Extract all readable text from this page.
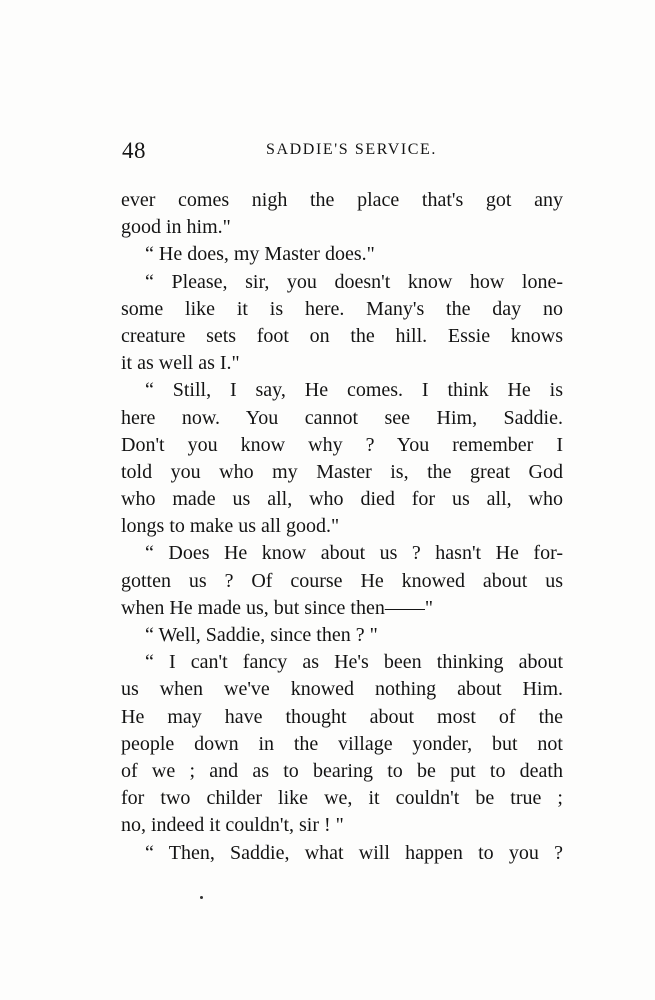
48	SADDIE'S SERVICE.
ever comes nigh the place that's got any
good in him."
“ He does, my Master does."
“ Please, sir, you doesn't know how lone-
some like it is here. Many's the day no
creature sets foot on the hill. Essie knows
it as well as I."
“ Still, I say, He comes. I think He is
here now. You cannot see Him, Saddie.
Don't you know why ? You remember I
told you who my Master is, the great God
who made us all, who died for us all, who
longs to make us all good."
“ Does He know about us ? hasn't He for-
gotten us ? Of course He knowed about us
when He made us, but since then——"
“ Well, Saddie, since then ? "
“ I can't fancy as He's been thinking about
us when we've knowed nothing about Him.
He may have thought about most of the
people down in the village yonder, but not
of we ; and as to bearing to be put to death
for two childer like we, it couldn't be true ;
no, indeed it couldn't, sir ! "
“ Then, Saddie, what will happen to you ?
